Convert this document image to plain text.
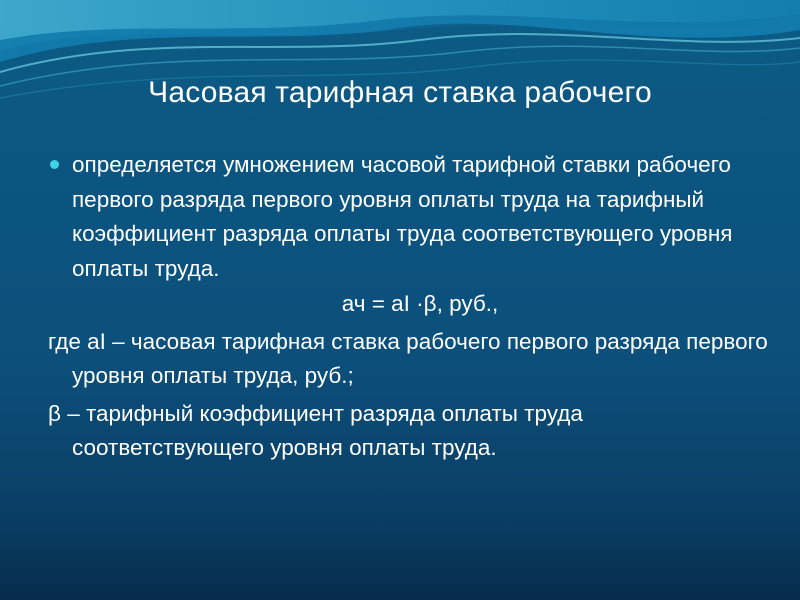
Часовая тарифная ставка рабочего

определяется умножением часовой тарифной ставки рабочего первого разряда первого уровня оплаты труда на тарифный коэффициент разряда оплаты труда соответствующего уровня оплаты труда.

ач = аI ·β, руб.,

где аI – часовая тарифная ставка рабочего первого разряда первого уровня оплаты труда, руб.;

β – тарифный коэффициент разряда оплаты труда соответствующего уровня оплаты труда.
